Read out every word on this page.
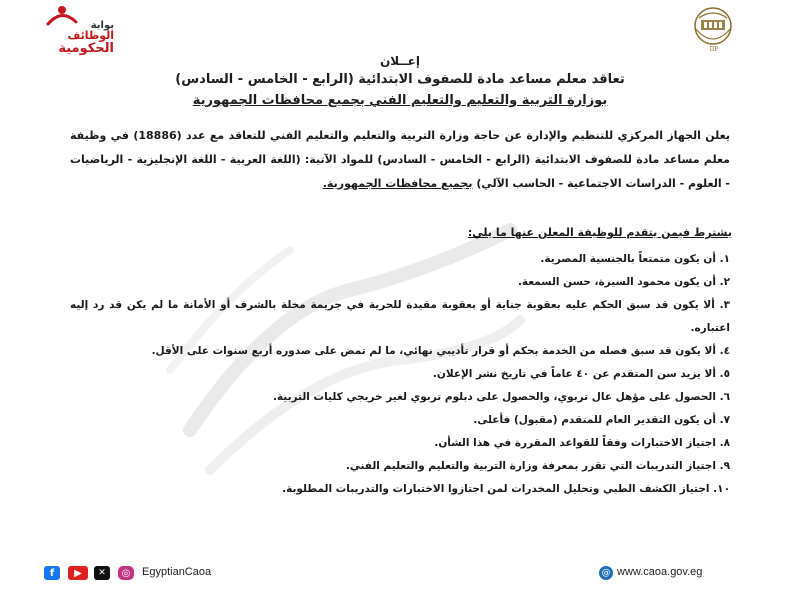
IIP
بوابة
الوظائف
الحكومية
إعــلان
تعاقد معلم مساعد مادة للصفوف الابتدائية (الرابع - الخامس - السادس)
بوزارة التربية والتعليم والتعليم الفني بجميع محافظات الجمهورية
يعلن الجهاز المركزي للتنظيم والإدارة عن حاجة وزارة التربية والتعليم والتعليم الفني للتعاقد مع عدد (18886) في وظيفة معلم مساعد مادة للصفوف الابتدائية (الرابع - الخامس - السادس) للمواد الآتية: (اللغة العربية - اللغة الإنجليزية - الرياضيات - العلوم - الدراسات الاجتماعية - الحاسب الآلي) بجميع محافظات الجمهورية.
يشترط فيمن يتقدم للوظيفة المعلن عنها ما يلي:
١. أن يكون متمتعاً بالجنسية المصرية.
٢. أن يكون محمود السيرة، حسن السمعة.
٣. ألا يكون قد سبق الحكم عليه بعقوبة جناية أو بعقوبة مقيدة للحرية في جريمة مخلة بالشرف أو الأمانة ما لم يكن قد رد إليه اعتباره.
٤. ألا يكون قد سبق فصله من الخدمة بحكم أو قرار تأديبي نهائي، ما لم تمض على صدوره أربع سنوات على الأقل.
٥. ألا يزيد سن المتقدم عن ٤٠ عاماً في تاريخ نشر الإعلان.
٦. الحصول على مؤهل عال تربوي، والحصول على دبلوم تربوي لغير خريجي كليات التربية.
٧. أن يكون التقدير العام للمتقدم (مقبول) فأعلى.
٨. اجتياز الاختبارات وفقاً للقواعد المقررة في هذا الشأن.
٩. اجتياز التدريبات التي تقرر بمعرفة وزارة التربية والتعليم والتعليم الفني.
١٠. اجتياز الكشف الطبي وتحليل المخدرات لمن اجتازوا الاختبارات والتدريبات المطلوبة.
f	▶	✕	◎	EgyptianCaoa	@ www.caoa.gov.eg
